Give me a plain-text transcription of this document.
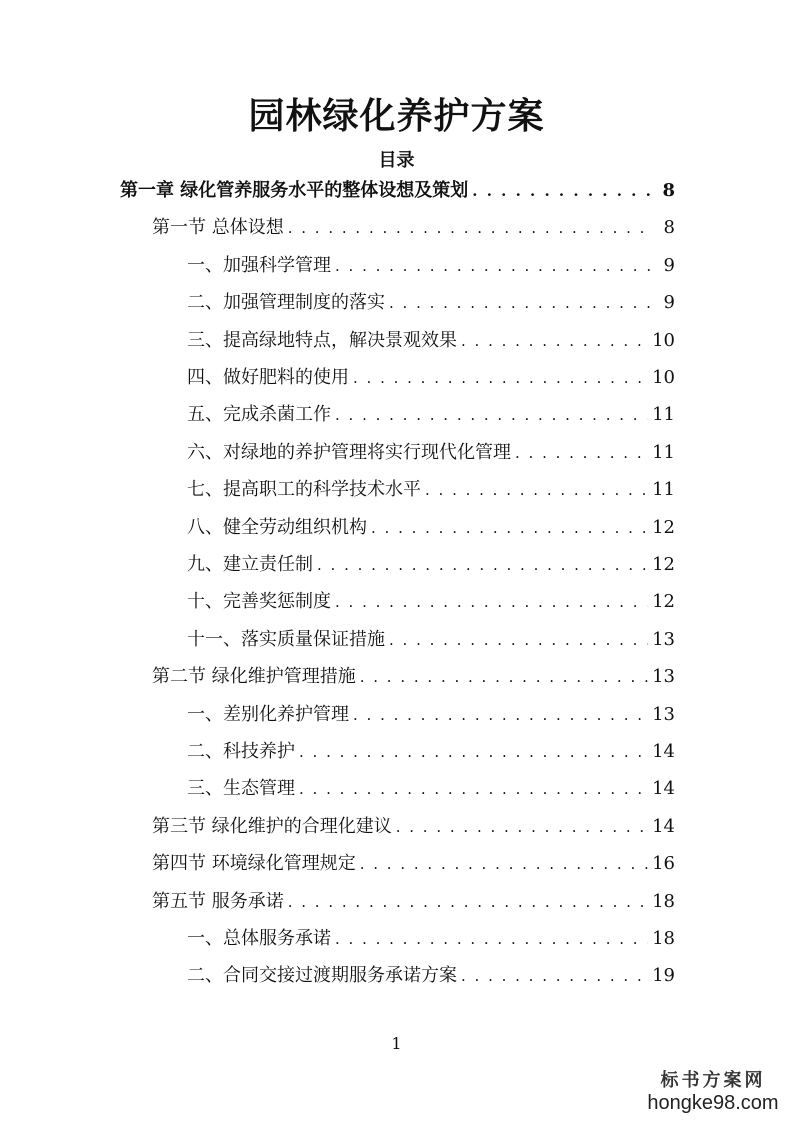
园林绿化养护方案
目录
第一章 绿化管养服务水平的整体设想及策划 . . .	8
第一节 总体设想 . . .	8
一、加强科学管理 . . .	9
二、加强管理制度的落实 . . .	9
三、提高绿地特点，解决景观效果 . . .	10
四、做好肥料的使用 . . .	10
五、完成杀菌工作 . . .	11
六、对绿地的养护管理将实行现代化管理 . . .	11
七、提高职工的科学技术水平 . . .	11
八、健全劳动组织机构 . . .	12
九、建立责任制 . . .	12
十、完善奖惩制度 . . .	12
十一、落实质量保证措施 . . .	13
第二节 绿化维护管理措施 . . .	13
一、差别化养护管理 . . .	13
二、科技养护 . . .	14
三、生态管理 . . .	14
第三节 绿化维护的合理化建议 . . .	14
第四节 环境绿化管理规定 . . .	16
第五节 服务承诺 . . .	18
一、总体服务承诺 . . .	18
二、合同交接过渡期服务承诺方案 . . .	19
1
标书方案网
hongke98.com
